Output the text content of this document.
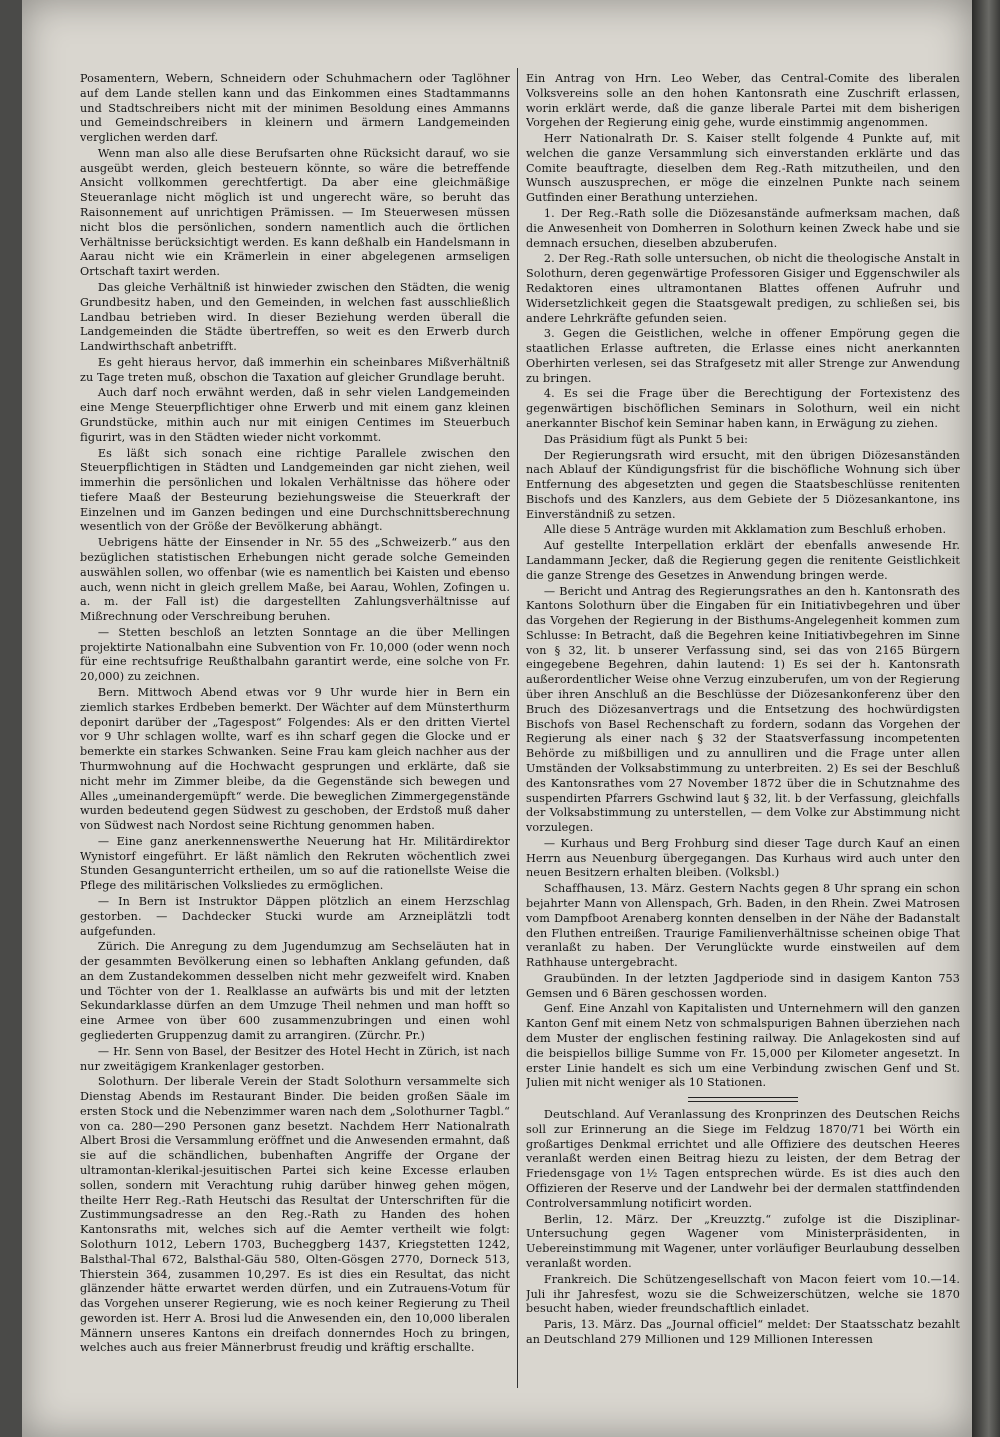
Posamentern, Webern, Schneidern oder Schuhmachern oder Taglöhner auf dem Lande stellen kann und das Einkommen eines Stadtammanns und Stadtschreibers nicht mit der minimen Besoldung eines Ammanns und Gemeindschreibers in kleinern und ärmern Landgemeinden verglichen werden darf.

Wenn man also alle diese Berufsarten ohne Rücksicht darauf, wo sie ausgeübt werden, gleich besteuern könnte, so wäre die betreffende Ansicht vollkommen gerechtfertigt. Da aber eine gleichmäßige Steueranlage nicht möglich ist und ungerecht wäre, so beruht das Raisonnement auf unrichtigen Prämissen. — Im Steuerwesen müssen nicht blos die persönlichen, sondern namentlich auch die örtlichen Verhältnisse berücksichtigt werden. Es kann deßhalb ein Handelsmann in Aarau nicht wie ein Krämerlein in einer abgelegenen armseligen Ortschaft taxirt werden.

Das gleiche Verhältniß ist hinwieder zwischen den Städten, die wenig Grundbesitz haben, und den Gemeinden, in welchen fast ausschließlich Landbau betrieben wird. In dieser Beziehung werden überall die Landgemeinden die Städte übertreffen, so weit es den Erwerb durch Landwirthschaft anbetrifft.

Es geht hieraus hervor, daß immerhin ein scheinbares Mißverhältniß zu Tage treten muß, obschon die Taxation auf gleicher Grundlage beruht.

Auch darf noch erwähnt werden, daß in sehr vielen Landgemeinden eine Menge Steuerpflichtiger ohne Erwerb und mit einem ganz kleinen Grundstücke, mithin auch nur mit einigen Centimes im Steuerbuch figurirt, was in den Städten wieder nicht vorkommt.

Es läßt sich sonach eine richtige Parallele zwischen den Steuerpflichtigen in Städten und Landgemeinden gar nicht ziehen, weil immerhin die persönlichen und lokalen Verhältnisse das höhere oder tiefere Maaß der Besteurung beziehungsweise die Steuerkraft der Einzelnen und im Ganzen bedingen und eine Durchschnittsberechnung wesentlich von der Größe der Bevölkerung abhängt.

Uebrigens hätte der Einsender in Nr. 55 des „Schweizerb.“ aus den bezüglichen statistischen Erhebungen nicht gerade solche Gemeinden auswählen sollen, wo offenbar (wie es namentlich bei Kaisten und ebenso auch, wenn nicht in gleich grellem Maße, bei Aarau, Wohlen, Zofingen u. a. m. der Fall ist) die dargestellten Zahlungsverhältnisse auf Mißrechnung oder Verschreibung beruhen.

— Stetten beschloß an letzten Sonntage an die über Mellingen projektirte Nationalbahn eine Subvention von Fr. 10,000 (oder wenn noch für eine rechtsufrige Reußthalbahn garantirt werde, eine solche von Fr. 20,000) zu zeichnen.

Bern. Mittwoch Abend etwas vor 9 Uhr wurde hier in Bern ein ziemlich starkes Erdbeben bemerkt. Der Wächter auf dem Münsterthurm deponirt darüber der „Tagespost“ Folgendes: Als er den dritten Viertel vor 9 Uhr schlagen wollte, warf es ihn scharf gegen die Glocke und er bemerkte ein starkes Schwanken. Seine Frau kam gleich nachher aus der Thurmwohnung auf die Hochwacht gesprungen und erklärte, daß sie nicht mehr im Zimmer bleibe, da die Gegenstände sich bewegen und Alles „umeinandergemüpft“ werde. Die beweglichen Zimmergegenstände wurden bedeutend gegen Südwest zu geschoben, der Erdstoß muß daher von Südwest nach Nordost seine Richtung genommen haben.

— Eine ganz anerkennenswerthe Neuerung hat Hr. Militärdirektor Wynistorf eingeführt. Er läßt nämlich den Rekruten wöchentlich zwei Stunden Gesangunterricht ertheilen, um so auf die rationellste Weise die Pflege des militärischen Volksliedes zu ermöglichen.

— In Bern ist Instruktor Däppen plötzlich an einem Herzschlag gestorben. — Dachdecker Stucki wurde am Arzneiplätzli todt aufgefunden.

Zürich. Die Anregung zu dem Jugendumzug am Sechseläuten hat in der gesammten Bevölkerung einen so lebhaften Anklang gefunden, daß an dem Zustandekommen desselben nicht mehr gezweifelt wird. Knaben und Töchter von der 1. Realklasse an aufwärts bis und mit der letzten Sekundarklasse dürfen an dem Umzuge Theil nehmen und man hofft so eine Armee von über 600 zusammenzubringen und einen wohl gegliederten Gruppenzug damit zu arrangiren. (Zürchr. Pr.)

— Hr. Senn von Basel, der Besitzer des Hotel Hecht in Zürich, ist nach nur zweitägigem Krankenlager gestorben.

Solothurn. Der liberale Verein der Stadt Solothurn versammelte sich Dienstag Abends im Restaurant Binder. Die beiden großen Säale im ersten Stock und die Nebenzimmer waren nach dem „Solothurner Tagbl.“ von ca. 280—290 Personen ganz besetzt. Nachdem Herr Nationalrath Albert Brosi die Versammlung eröffnet und die Anwesenden ermahnt, daß sie auf die schändlichen, bubenhaften Angriffe der Organe der ultramontan-klerikal-jesuitischen Partei sich keine Excesse erlauben sollen, sondern mit Verachtung ruhig darüber hinweg gehen mögen, theilte Herr Reg.-Rath Heutschi das Resultat der Unterschriften für die Zustimmungsadresse an den Reg.-Rath zu Handen des hohen Kantonsraths mit, welches sich auf die Aemter vertheilt wie folgt: Solothurn 1012, Lebern 1703, Bucheggberg 1437, Kriegstetten 1242, Balsthal-Thal 672, Balsthal-Gäu 580, Olten-Gösgen 2770, Dorneck 513, Thierstein 364, zusammen 10,297. Es ist dies ein Resultat, das nicht glänzender hätte erwartet werden dürfen, und ein Zutrauens-Votum für das Vorgehen unserer Regierung, wie es noch keiner Regierung zu Theil geworden ist. Herr A. Brosi lud die Anwesenden ein, den 10,000 liberalen Männern unseres Kantons ein dreifach donnerndes Hoch zu bringen, welches auch aus freier Männerbrust freudig und kräftig erschallte.

Ein Antrag von Hrn. Leo Weber, das Central-Comite des liberalen Volksvereins solle an den hohen Kantonsrath eine Zuschrift erlassen, worin erklärt werde, daß die ganze liberale Partei mit dem bisherigen Vorgehen der Regierung einig gehe, wurde einstimmig angenommen.

Herr Nationalrath Dr. S. Kaiser stellt folgende 4 Punkte auf, mit welchen die ganze Versammlung sich einverstanden erklärte und das Comite beauftragte, dieselben dem Reg.-Rath mitzutheilen, und den Wunsch auszusprechen, er möge die einzelnen Punkte nach seinem Gutfinden einer Berathung unterziehen.

1. Der Reg.-Rath solle die Diözesanstände aufmerksam machen, daß die Anwesenheit von Domherren in Solothurn keinen Zweck habe und sie demnach ersuchen, dieselben abzuberufen.

2. Der Reg.-Rath solle untersuchen, ob nicht die theologische Anstalt in Solothurn, deren gegenwärtige Professoren Gisiger und Eggenschwiler als Redaktoren eines ultramontanen Blattes offenen Aufruhr und Widersetzlichkeit gegen die Staatsgewalt predigen, zu schließen sei, bis andere Lehrkräfte gefunden seien.

3. Gegen die Geistlichen, welche in offener Empörung gegen die staatlichen Erlasse auftreten, die Erlasse eines nicht anerkannten Oberhirten verlesen, sei das Strafgesetz mit aller Strenge zur Anwendung zu bringen.

4. Es sei die Frage über die Berechtigung der Fortexistenz des gegenwärtigen bischöflichen Seminars in Solothurn, weil ein nicht anerkannter Bischof kein Seminar haben kann, in Erwägung zu ziehen.

Das Präsidium fügt als Punkt 5 bei:

Der Regierungsrath wird ersucht, mit den übrigen Diözesanständen nach Ablauf der Kündigungsfrist für die bischöfliche Wohnung sich über Entfernung des abgesetzten und gegen die Staatsbeschlüsse renitenten Bischofs und des Kanzlers, aus dem Gebiete der 5 Diözesankantone, ins Einverständniß zu setzen.

Alle diese 5 Anträge wurden mit Akklamation zum Beschluß erhoben.

Auf gestellte Interpellation erklärt der ebenfalls anwesende Hr. Landammann Jecker, daß die Regierung gegen die renitente Geistlichkeit die ganze Strenge des Gesetzes in Anwendung bringen werde.

— Bericht und Antrag des Regierungsrathes an den h. Kantonsrath des Kantons Solothurn über die Eingaben für ein Initiativbegehren und über das Vorgehen der Regierung in der Bisthums-Angelegenheit kommen zum Schlusse: In Betracht, daß die Begehren keine Initiativbegehren im Sinne von § 32, lit. b unserer Verfassung sind, sei das von 2165 Bürgern eingegebene Begehren, dahin lautend: 1) Es sei der h. Kantonsrath außerordentlicher Weise ohne Verzug einzuberufen, um von der Regierung über ihren Anschluß an die Beschlüsse der Diözesankonferenz über den Bruch des Diözesanvertrags und die Entsetzung des hochwürdigsten Bischofs von Basel Rechenschaft zu fordern, sodann das Vorgehen der Regierung als einer nach § 32 der Staatsverfassung incompetenten Behörde zu mißbilligen und zu annulliren und die Frage unter allen Umständen der Volksabstimmung zu unterbreiten. 2) Es sei der Beschluß des Kantonsrathes vom 27 November 1872 über die in Schutznahme des suspendirten Pfarrers Gschwind laut § 32, lit. b der Verfassung, gleichfalls der Volksabstimmung zu unterstellen, — dem Volke zur Abstimmung nicht vorzulegen.

— Kurhaus und Berg Frohburg sind dieser Tage durch Kauf an einen Herrn aus Neuenburg übergegangen. Das Kurhaus wird auch unter den neuen Besitzern erhalten bleiben. (Volksbl.)

Schaffhausen, 13. März. Gestern Nachts gegen 8 Uhr sprang ein schon bejahrter Mann von Allenspach, Grh. Baden, in den Rhein. Zwei Matrosen vom Dampfboot Arenaberg konnten denselben in der Nähe der Badanstalt den Fluthen entreißen. Traurige Familienverhältnisse scheinen obige That veranlaßt zu haben. Der Verunglückte wurde einstweilen auf dem Rathhause untergebracht.

Graubünden. In der letzten Jagdperiode sind in dasigem Kanton 753 Gemsen und 6 Bären geschossen worden.

Genf. Eine Anzahl von Kapitalisten und Unternehmern will den ganzen Kanton Genf mit einem Netz von schmalspurigen Bahnen überziehen nach dem Muster der englischen festining railway. Die Anlagekosten sind auf die beispiellos billige Summe von Fr. 15,000 per Kilometer angesetzt. In erster Linie handelt es sich um eine Verbindung zwischen Genf und St. Julien mit nicht weniger als 10 Stationen.

Deutschland. Auf Veranlassung des Kronprinzen des Deutschen Reichs soll zur Erinnerung an die Siege im Feldzug 1870/71 bei Wörth ein großartiges Denkmal errichtet und alle Offiziere des deutschen Heeres veranlaßt werden einen Beitrag hiezu zu leisten, der dem Betrag der Friedensgage von 1½ Tagen entsprechen würde. Es ist dies auch den Offizieren der Reserve und der Landwehr bei der dermalen stattfindenden Controlversammlung notificirt worden.

Berlin, 12. März. Der „Kreuzztg.“ zufolge ist die Disziplinar-Untersuchung gegen Wagener vom Ministerpräsidenten, in Uebereinstimmung mit Wagener, unter vorläufiger Beurlaubung desselben veranlaßt worden.

Frankreich. Die Schützengesellschaft von Macon feiert vom 10.—14. Juli ihr Jahresfest, wozu sie die Schweizerschützen, welche sie 1870 besucht haben, wieder freundschaftlich einladet.

Paris, 13. März. Das „Journal officiel“ meldet: Der Staatsschatz bezahlt an Deutschland 279 Millionen und 129 Millionen Interessen
